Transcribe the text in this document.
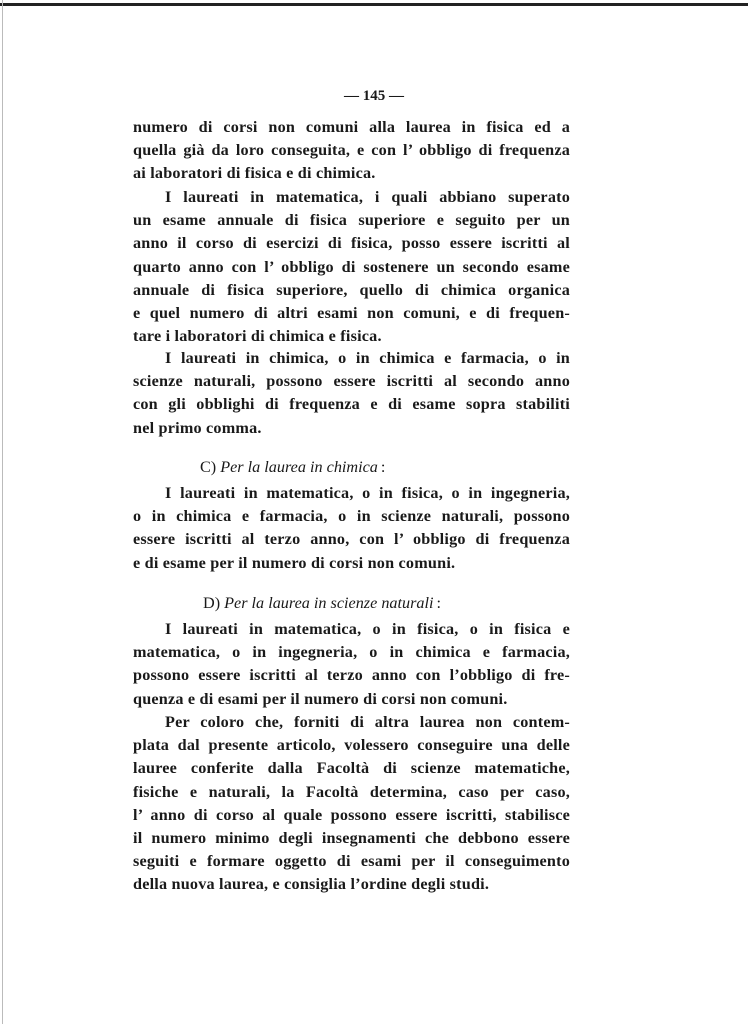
— 145 —
numero di corsi non comuni alla laurea in fisica ed a
quella già da loro conseguita, e con l’ obbligo di frequenza
ai laboratori di fisica e di chimica.
I laureati in matematica, i quali abbiano superato
un esame annuale di fisica superiore e seguito per un
anno il corso di esercizi di fisica, posso essere iscritti al
quarto anno con l’ obbligo di sostenere un secondo esame
annuale di fisica superiore, quello di chimica organica
e quel numero di altri esami non comuni, e di frequen-
tare i laboratori di chimica e fisica.
I laureati in chimica, o in chimica e farmacia, o in
scienze naturali, possono essere iscritti al secondo anno
con gli obblighi di frequenza e di esame sopra stabiliti
nel primo comma.
C) Per la laurea in chimica :
I laureati in matematica, o in fisica, o in ingegneria,
o in chimica e farmacia, o in scienze naturali, possono
essere iscritti al terzo anno, con l’ obbligo di frequenza
e di esame per il numero di corsi non comuni.
D) Per la laurea in scienze naturali :
I laureati in matematica, o in fisica, o in fisica e
matematica, o in ingegneria, o in chimica e farmacia,
possono essere iscritti al terzo anno con l’obbligo di fre-
quenza e di esami per il numero di corsi non comuni.
Per coloro che, forniti di altra laurea non contem-
plata dal presente articolo, volessero conseguire una delle
lauree conferite dalla Facoltà di scienze matematiche,
fisiche e naturali, la Facoltà determina, caso per caso,
l’ anno di corso al quale possono essere iscritti, stabilisce
il numero minimo degli insegnamenti che debbono essere
seguiti e formare oggetto di esami per il conseguimento
della nuova laurea, e consiglia l’ordine degli studi.
